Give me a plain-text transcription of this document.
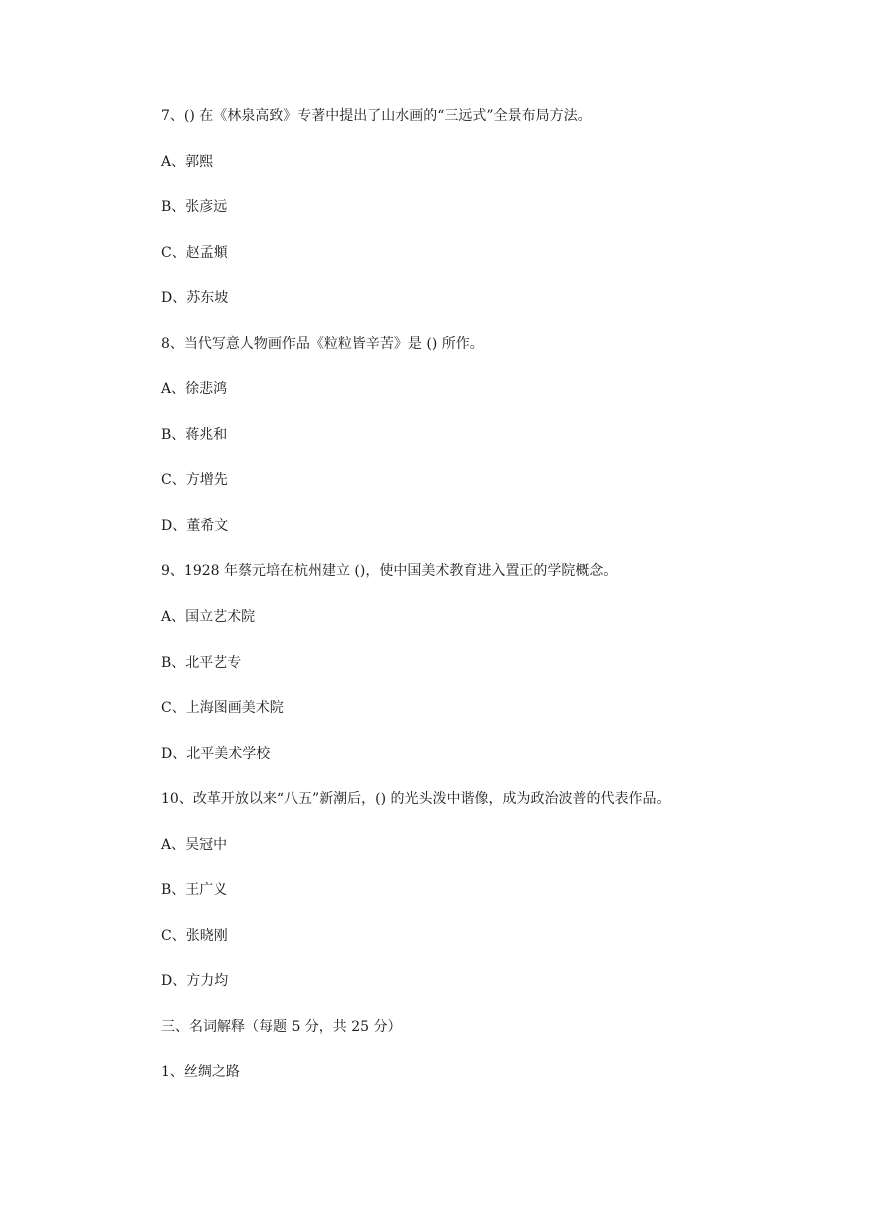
7、() 在《林泉高致》专著中提出了山水画的“三远式”全景布局方法。
A、郭熙
B、张彦远
C、赵孟頫
D、苏东坡
8、当代写意人物画作品《粒粒皆辛苦》是 () 所作。
A、徐悲鸿
B、蒋兆和
C、方增先
D、董希文
9、1928 年蔡元培在杭州建立 ()，使中国美术教育进入置正的学院概念。
A、国立艺术院
B、北平艺专
C、上海图画美术院
D、北平美术学校
10、改革开放以来“八五”新潮后，() 的光头泼中谐像，成为政治波普的代表作品。
A、吴冠中
B、王广义
C、张晓刚
D、方力均
三、名词解释（每题 5 分，共 25 分）
1、丝绸之路
